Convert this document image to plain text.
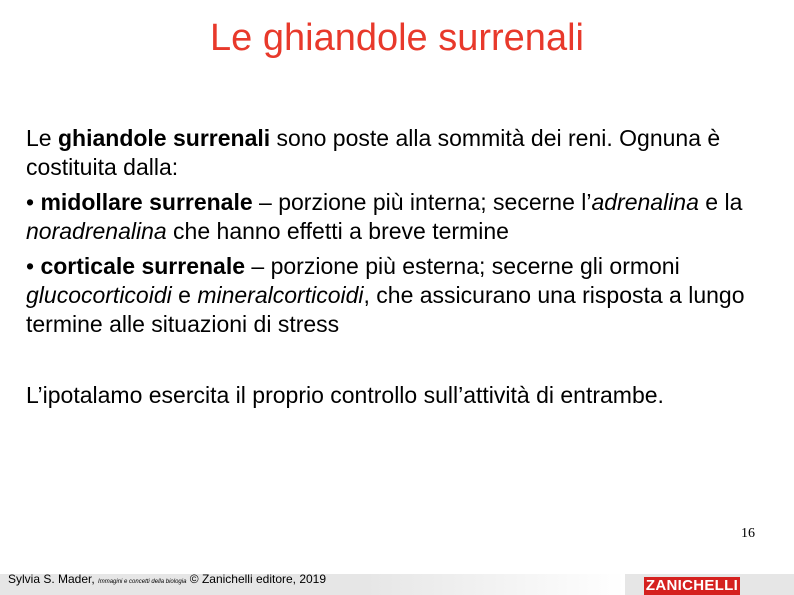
Le ghiandole surrenali

Le ghiandole surrenali sono poste alla sommità dei reni. Ognuna è costituita dalla:

• midollare surrenale – porzione più interna; secerne l’adrenalina e la noradrenalina che hanno effetti a breve termine

• corticale surrenale – porzione più esterna; secerne gli ormoni glucocorticoidi e mineralcorticoidi, che assicurano una risposta a lungo termine alle situazioni di stress

L’ipotalamo esercita il proprio controllo sull’attività di entrambe.

16
Sylvia S. Mader, Immagini e concetti della biologia © Zanichelli editore, 2019	ZANICHELLI
